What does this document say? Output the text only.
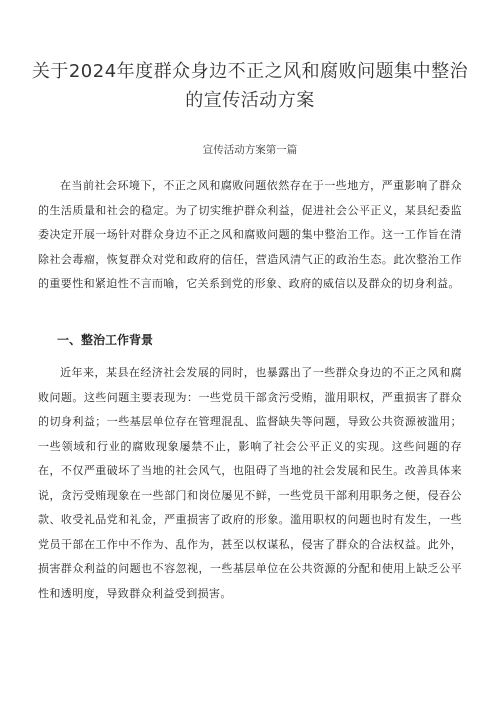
关于2024年度群众身边不正之风和腐败问题集中整治的宣传活动方案
宣传活动方案第一篇

在当前社会环境下，不正之风和腐败问题依然存在于一些地方，严重影响了群众的生活质量和社会的稳定。为了切实维护群众利益，促进社会公平正义，某县纪委监委决定开展一场针对群众身边不正之风和腐败问题的集中整治工作。这一工作旨在清除社会毒瘤，恢复群众对党和政府的信任，营造风清气正的政治生态。此次整治工作的重要性和紧迫性不言而喻，它关系到党的形象、政府的威信以及群众的切身利益。

一、整治工作背景

近年来，某县在经济社会发展的同时，也暴露出了一些群众身边的不正之风和腐败问题。这些问题主要表现为：一些党员干部贪污受贿，滥用职权，严重损害了群众的切身利益；一些基层单位存在管理混乱、监督缺失等问题，导致公共资源被滥用；一些领域和行业的腐败现象屡禁不止，影响了社会公平正义的实现。这些问题的存在，不仅严重破坏了当地的社会风气，也阻碍了当地的社会发展和民生。改善具体来说，贪污受贿现象在一些部门和岗位屡见不鲜，一些党员干部利用职务之便，侵吞公款、收受礼品党和礼金，严重损害了政府的形象。滥用职权的问题也时有发生，一些党员干部在工作中不作为、乱作为，甚至以权谋私，侵害了群众的合法权益。此外，损害群众利益的问题也不容忽视，一些基层单位在公共资源的分配和使用上缺乏公平性和透明度，导致群众利益受到损害。
